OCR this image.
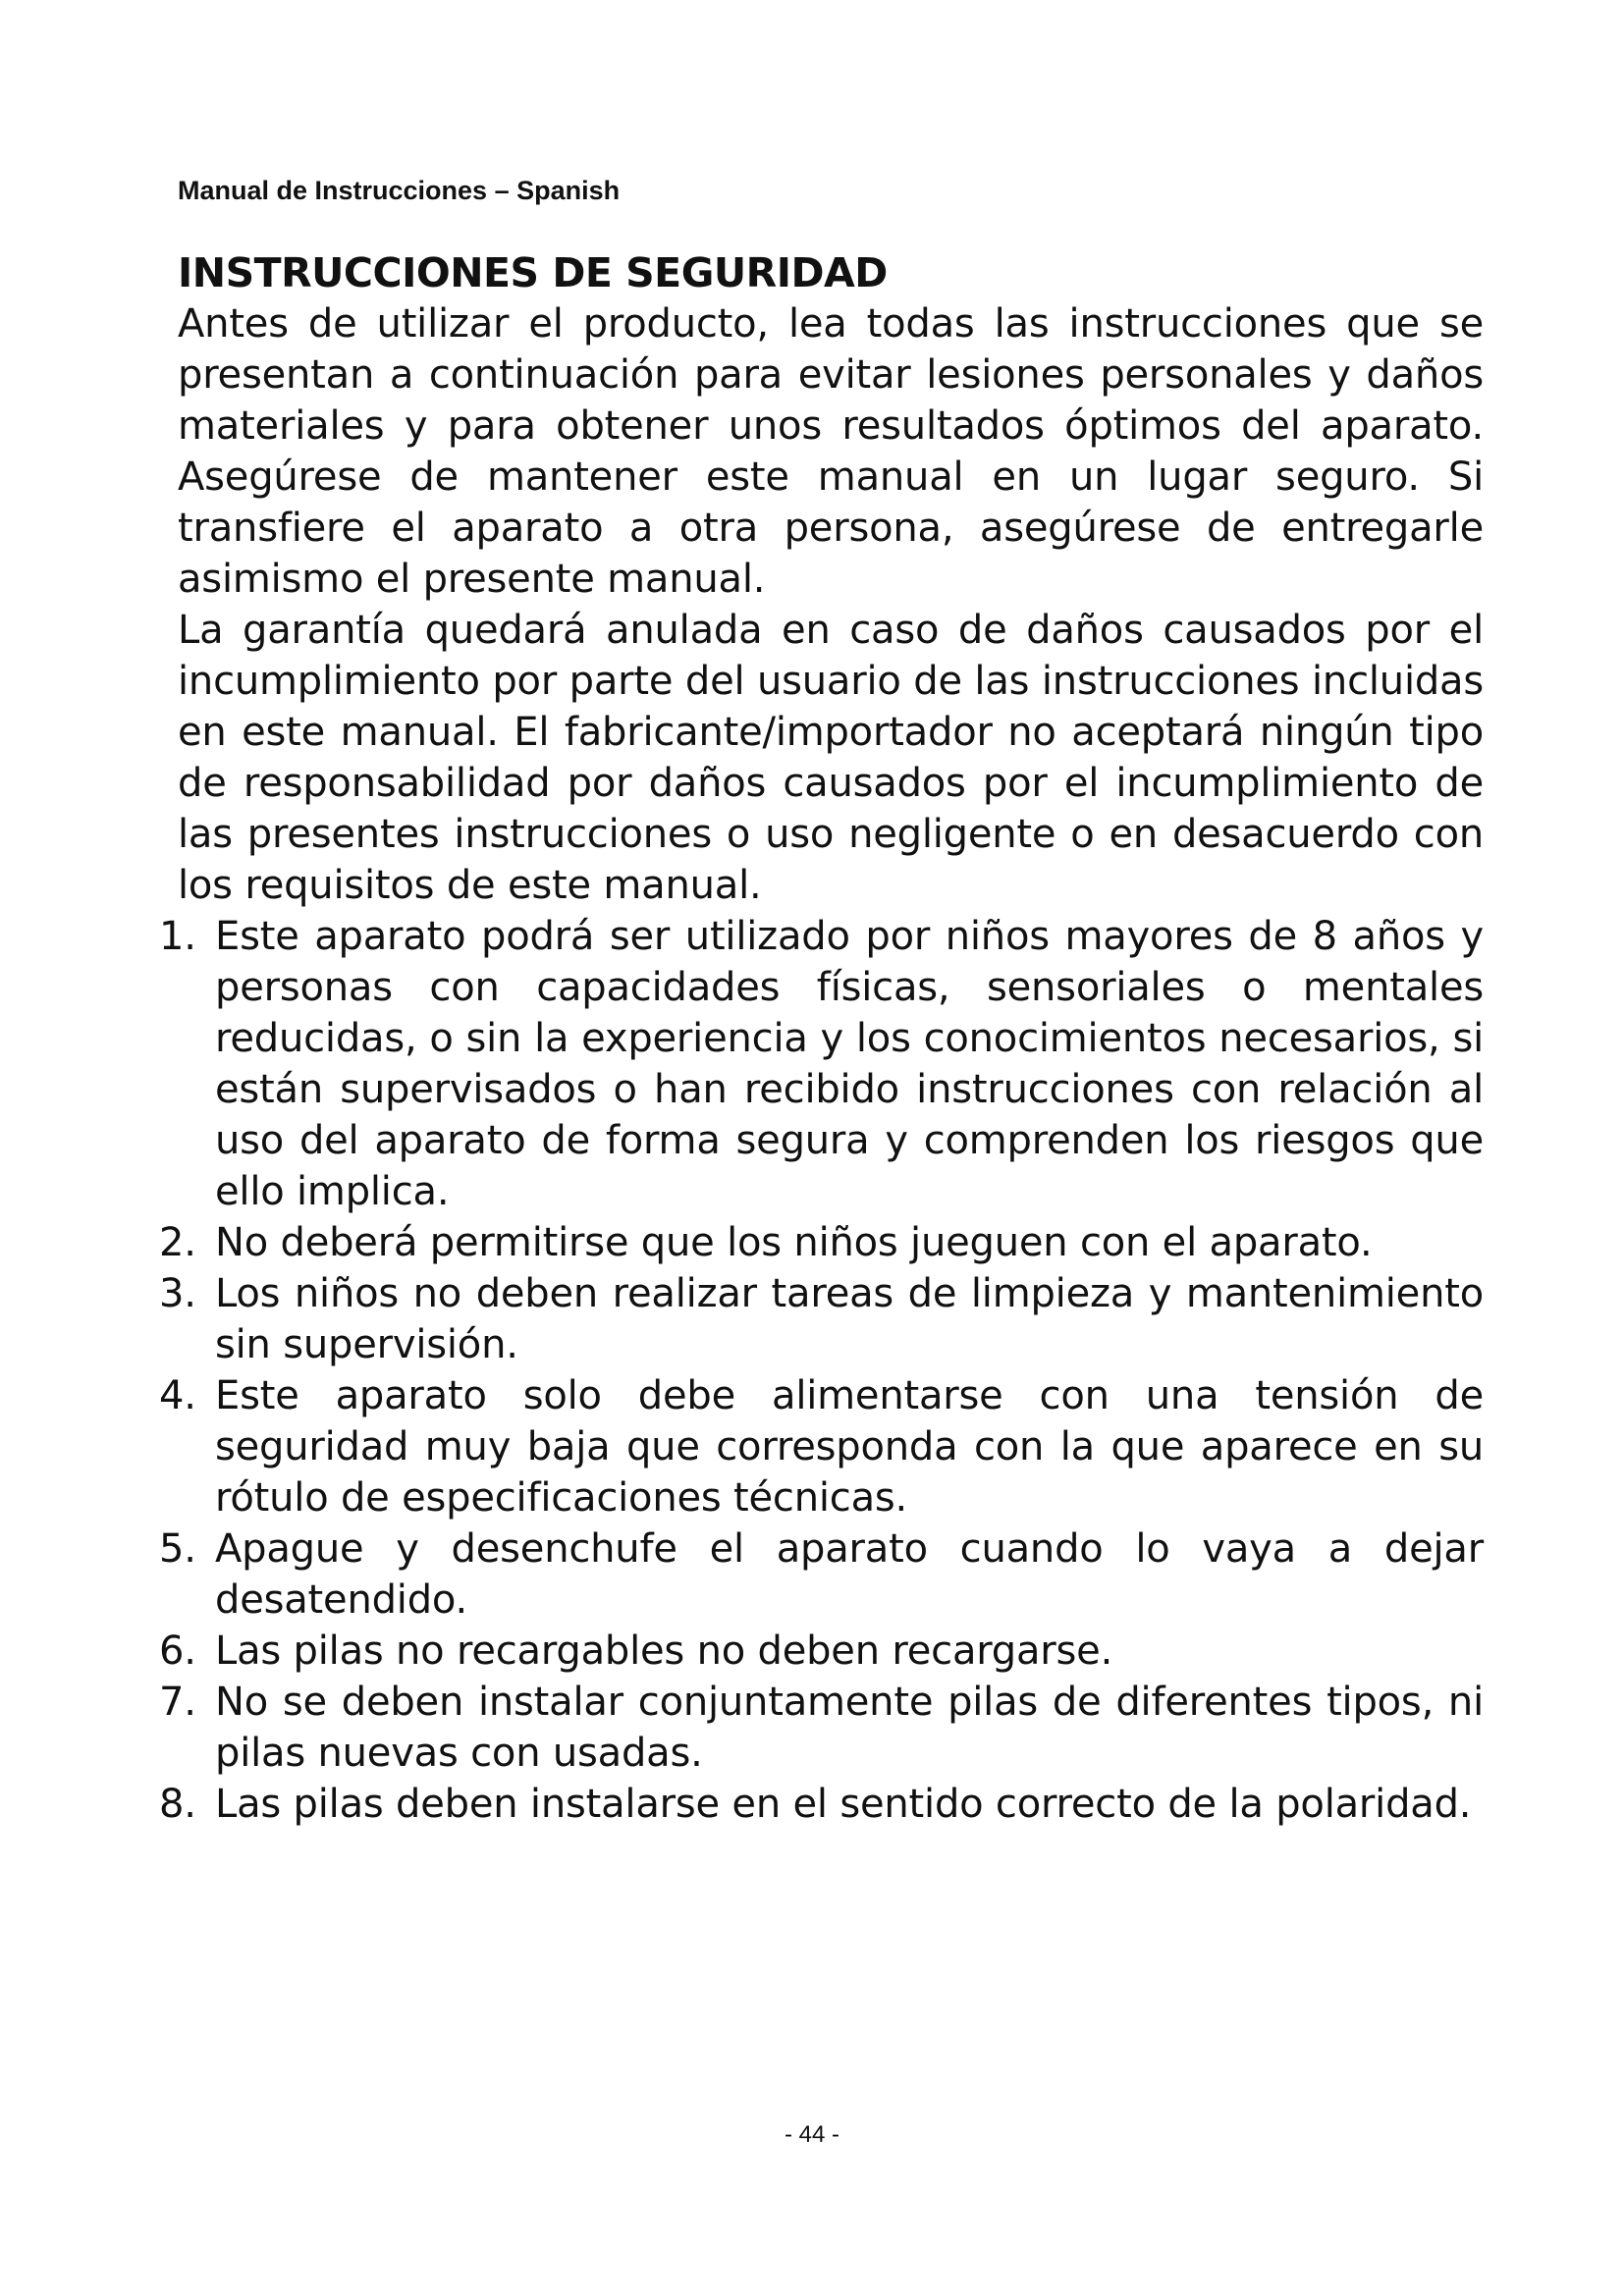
Manual de Instrucciones – Spanish
INSTRUCCIONES DE SEGURIDAD

Antes de utilizar el producto, lea todas las instrucciones que se presentan a continuación para evitar lesiones personales y daños materiales y para obtener unos resultados óptimos del aparato. Asegúrese de mantener este manual en un lugar seguro. Si transfiere el aparato a otra persona, asegúrese de entregarle asimismo el presente manual.

La garantía quedará anulada en caso de daños causados por el incumplimiento por parte del usuario de las instrucciones incluidas en este manual. El fabricante/importador no aceptará ningún tipo de responsabilidad por daños causados por el incumplimiento de las presentes instrucciones o uso negligente o en desacuerdo con los requisitos de este manual.

1. Este aparato podrá ser utilizado por niños mayores de 8 años y personas con capacidades físicas, sensoriales o mentales reducidas, o sin la experiencia y los conocimientos necesarios, si están supervisados o han recibido instrucciones con relación al uso del aparato de forma segura y comprenden los riesgos que ello implica.
2. No deberá permitirse que los niños jueguen con el aparato.
3. Los niños no deben realizar tareas de limpieza y mantenimiento sin supervisión.
4. Este aparato solo debe alimentarse con una tensión de seguridad muy baja que corresponda con la que aparece en su rótulo de especificaciones técnicas.
5. Apague y desenchufe el aparato cuando lo vaya a dejar desatendido.
6. Las pilas no recargables no deben recargarse.
7. No se deben instalar conjuntamente pilas de diferentes tipos, ni pilas nuevas con usadas.
8. Las pilas deben instalarse en el sentido correcto de la polaridad.
- 44 -
